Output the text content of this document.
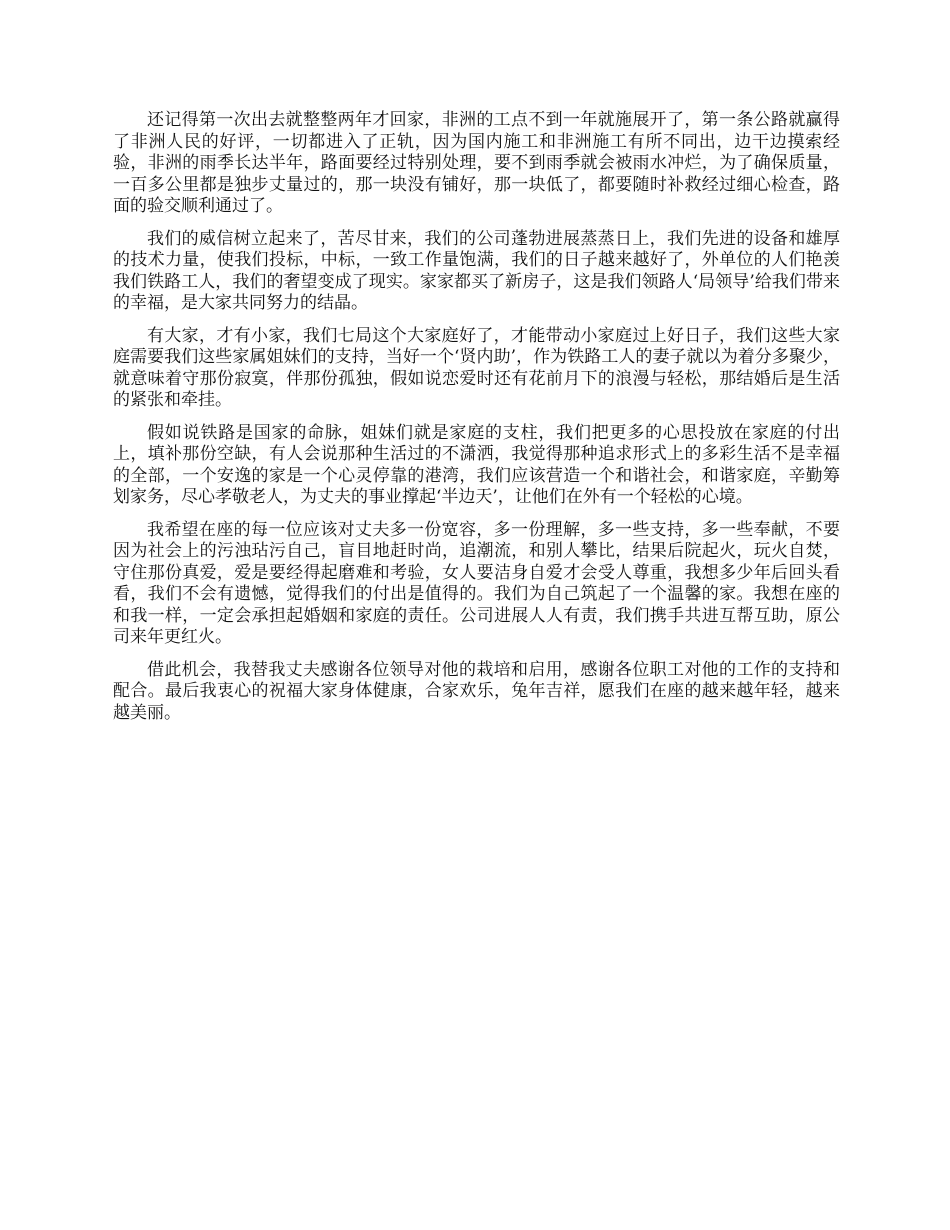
还记得第一次出去就整整两年才回家，非洲的工点不到一年就施展开了，第一条公路就赢得了非洲人民的好评，一切都进入了正轨，因为国内施工和非洲施工有所不同出，边干边摸索经验，非洲的雨季长达半年，路面要经过特别处理，要不到雨季就会被雨水冲烂，为了确保质量，一百多公里都是独步丈量过的，那一块没有铺好，那一块低了，都要随时补救经过细心检查，路面的验交顺利通过了。

我们的威信树立起来了，苦尽甘来，我们的公司蓬勃进展蒸蒸日上，我们先进的设备和雄厚的技术力量，使我们投标，中标，一致工作量饱满，我们的日子越来越好了，外单位的人们艳羡我们铁路工人，我们的奢望变成了现实。家家都买了新房子，这是我们领路人‘局领导’给我们带来的幸福，是大家共同努力的结晶。

有大家，才有小家，我们七局这个大家庭好了，才能带动小家庭过上好日子，我们这些大家庭需要我们这些家属姐妹们的支持，当好一个‘贤内助’，作为铁路工人的妻子就以为着分多聚少，就意味着守那份寂寞，伴那份孤独，假如说恋爱时还有花前月下的浪漫与轻松，那结婚后是生活的紧张和牵挂。

假如说铁路是国家的命脉，姐妹们就是家庭的支柱，我们把更多的心思投放在家庭的付出上，填补那份空缺，有人会说那种生活过的不潇洒，我觉得那种追求形式上的多彩生活不是幸福的全部，一个安逸的家是一个心灵停靠的港湾，我们应该营造一个和谐社会，和谐家庭，辛勤筹划家务，尽心孝敬老人，为丈夫的事业撑起‘半边天’，让他们在外有一个轻松的心境。

我希望在座的每一位应该对丈夫多一份宽容，多一份理解，多一些支持，多一些奉献，不要因为社会上的污浊玷污自己，盲目地赶时尚，追潮流，和别人攀比，结果后院起火，玩火自焚，守住那份真爱，爱是要经得起磨难和考验，女人要洁身自爱才会受人尊重，我想多少年后回头看看，我们不会有遗憾，觉得我们的付出是值得的。我们为自己筑起了一个温馨的家。我想在座的和我一样，一定会承担起婚姻和家庭的责任。公司进展人人有责，我们携手共进互帮互助，原公司来年更红火。

借此机会，我替我丈夫感谢各位领导对他的栽培和启用，感谢各位职工对他的工作的支持和配合。最后我衷心的祝福大家身体健康，合家欢乐，兔年吉祥，愿我们在座的越来越年轻，越来越美丽。
